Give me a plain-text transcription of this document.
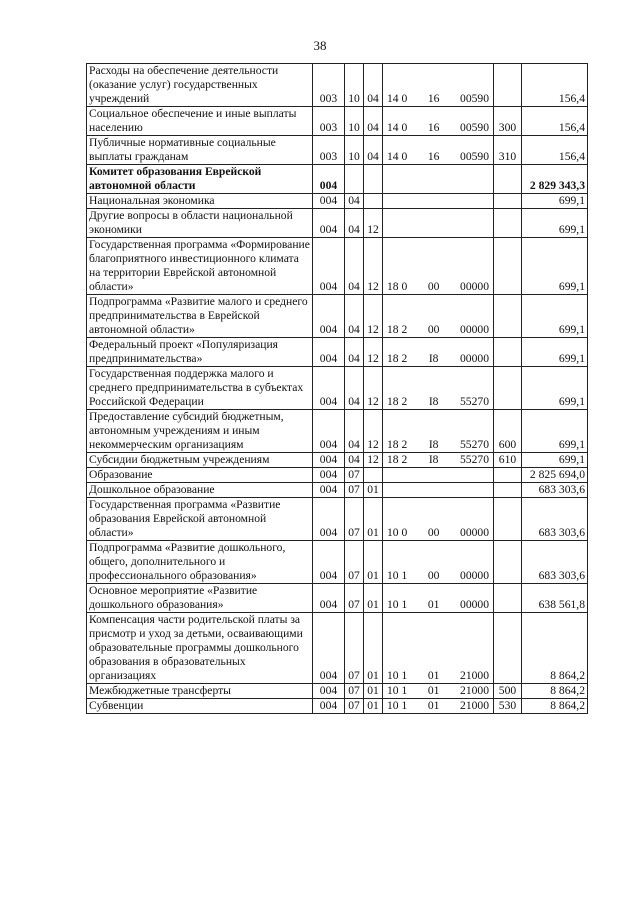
38
Расходы на обеспечение деятельности (оказание услуг) государственных учреждений	003	10	04	14 0 16 00590		156,4
Социальное обеспечение и иные выплаты населению	003	10	04	14 0 16 00590	300	156,4
Публичные нормативные социальные выплаты гражданам	003	10	04	14 0 16 00590	310	156,4
Комитет образования Еврейской автономной области	004					2 829 343,3
Национальная экономика	004	04				699,1
Другие вопросы в области национальной экономики	004	04	12			699,1
Государственная программа «Формирование благоприятного инвестиционного климата на территории Еврейской автономной области»	004	04	12	18 0 00 00000		699,1
Подпрограмма «Развитие малого и среднего предпринимательства в Еврейской автономной области»	004	04	12	18 2 00 00000		699,1
Федеральный проект «Популяризация предпринимательства»	004	04	12	18 2 I8 00000		699,1
Государственная поддержка малого и среднего предпринимательства в субъектах Российской Федерации	004	04	12	18 2 I8 55270		699,1
Предоставление субсидий бюджетным, автономным учреждениям и иным некоммерческим организациям	004	04	12	18 2 I8 55270	600	699,1
Субсидии бюджетным учреждениям	004	04	12	18 2 I8 55270	610	699,1
Образование	004	07				2 825 694,0
Дошкольное образование	004	07	01			683 303,6
Государственная программа «Развитие образования Еврейской автономной области»	004	07	01	10 0 00 00000		683 303,6
Подпрограмма «Развитие дошкольного, общего, дополнительного и профессионального образования»	004	07	01	10 1 00 00000		683 303,6
Основное мероприятие «Развитие дошкольного образования»	004	07	01	10 1 01 00000		638 561,8
Компенсация части родительской платы за присмотр и уход за детьми, осваивающими образовательные программы дошкольного образования в образовательных организациях	004	07	01	10 1 01 21000		8 864,2
Межбюджетные трансферты	004	07	01	10 1 01 21000	500	8 864,2
Субвенции	004	07	01	10 1 01 21000	530	8 864,2
